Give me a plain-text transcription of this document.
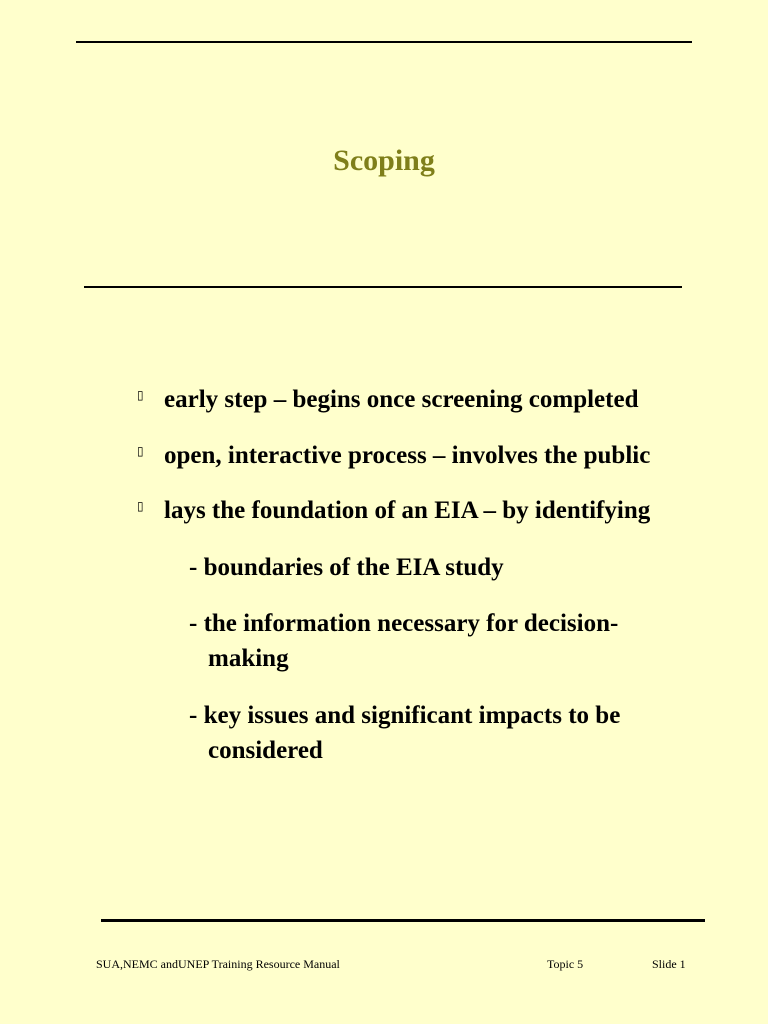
Scoping
▯ early step – begins once screening completed
▯ open, interactive process – involves the public
▯ lays the foundation of an EIA – by identifying
- boundaries of the EIA study
- the information necessary for decision-
making
- key issues and significant impacts to be
considered
SUA,NEMC andUNEP Training Resource Manual	Topic 5	Slide 1
